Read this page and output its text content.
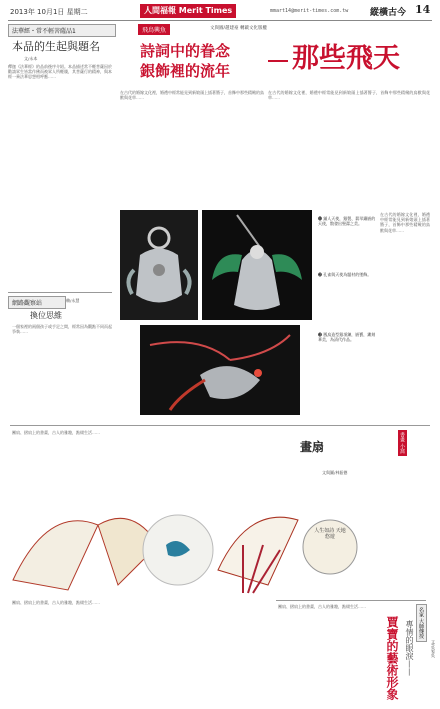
2013年 10月1日 星期二	人間福報 Merit Times	mmart14@merit-times.com.tw 縱橫古今 14
法華經・常不輕菩薩品1
本品的生起與題名
文/永本
釋迦《法華經》的品前後序介紹。本品描述常不輕菩薩因於勸請眾生皆當作佛而被眾人所輕賤，其菩薩行的精神，與本經一乘法華思想相呼應……
網路觀察站	賴/永慧
換位思維
一個家裡的兩個孩子或手足之間，經常因為觀點不同而起爭執……
飛鳥興魚	文與圖/趙建豪 轉載文化版權
詩詞中的眷念
銀飾裡的流年 那些飛天
在古代的婚嫁文化裡，婚禮中經常能見到新娘頭上插著簪子，首飾中那些精緻的鳥獸與花草……
在古代的婚嫁文化裡，婚禮中經常能見到新娘頭上插著簪子，首飾中那些精緻的鳥獸與花草……
❶ 鋪人天使，銀製、翡翠鑲嵌的天使，散發出聖潔之美。
❷ 孔雀與天使為題材的墜飾。
❸ 鳳鳥造型銀項鍊，嵌寶，鏤刻華美，為清代作品。
在古代的婚嫁文化裡，婚禮中經常能見到新娘頭上插著簪子，首飾中那些精緻的鳥獸與花草……
團扇、摺扇上的書畫，古人的雅趣，點綴生活……
畫扇	書畫 小窩
文與圖/林振德
人生如詩 天地悠遊
團扇、摺扇上的書畫，古人的雅趣，點綴生活……
團扇、摺扇上的書畫，古人的雅趣，點綴生活……
名家 大師傳授
專情的眼淚——
賈寶的藝術形象	文/吳家吳
